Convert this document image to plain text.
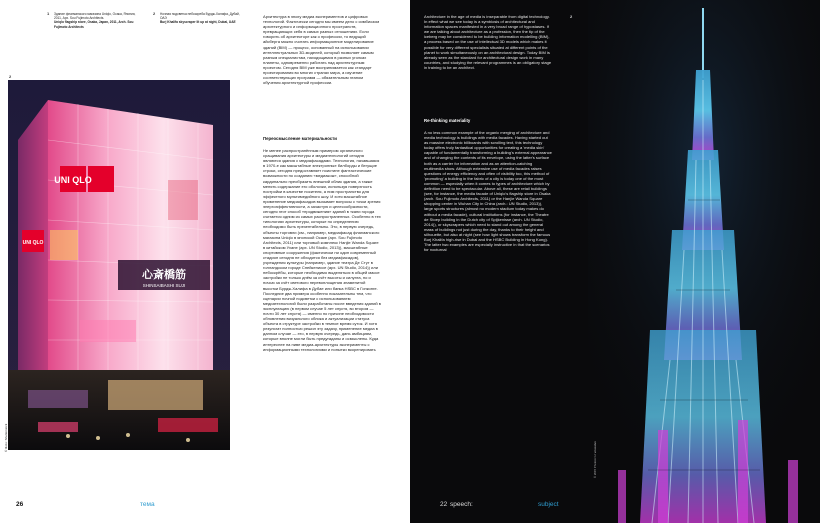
1 Здание флагманского магазина Uniqlo, Осака, Япония, 2011, Арх. Sou Fujimoto Architects.
Uniqlo flagship store, Osaka, Japan, 2011, Arch. Sou Fujimoto Architects
2 Ночная подсветка небоскреба Бурдж-Халифа, Дубай, ОАЭ
Burj Khalifa skyscraper lit up at night, Dubai, UAE
2
UNI QLO
心斎橋筋
SHINSAIBASHI SUJI
UNI QLO
© Фото: Shutterstock
Архитектура в эпоху медиа экспериментов и цифровых технологий. Фактически сегодня мы имеем дело с симбиозом архитектурного и информационного пространств, превращающих себя в самых разных отношениях. Если говорить об архитекторе как о профессии, то ведущий айсберга можно считать информационное моделирование зданий (BIM) — процесс, основанный на использовании интеллектуальных 3D-моделей, который позволяет самым разным специалистам, находящимся в разных уголках планеты, одновременно работать над архитектурным проектом. Сегодня BIM уже воспринимается как стандарт проектирования во многих странах мира, а изучение соответствующих программ — обязательным этапом обучения архитектурной профессии.
Переосмысление материальности
Не менее распространённым примером органичного сращивания архитектуры и медиатехнологий сегодня являются здания с медиафасадами. Технология, начавшаяся в 1970-е как масштабные электронные билборды и бегущие строки, сегодня предоставляет поистине фантастические возможности по созданию «медиакож», способной кардинально преобразить внешний облик здания, а также менять содержание его оболочки, используя поверхность постройки в качестве носителя, а ним пространство для эффектного мультимедийного шоу. И хотя масштабное применение медиафасадов вызывает вопросы с точки зрения энергоэффективности, а зачастую и целесообразности, сегодня этот способ «продвижения» зданий в ткани города считается одним из самых распространенных. Особенно в тех типологиях архитектуры, которые по определению необходимо быть презентабельны. Это, в первую очередь, объекты торговли (см., например, медиафасад флагманского магазина Uniqlo в японской Осаке (арх. Sou Fujimoto Architects, 2011) или торговый комплекс Hanjie Wanda Square в китайском Ухане (арх. UN Studio, 2013)), масштабные спортивные сооружения (фактически ни один современный стадион сегодня не обходится без медиафасадов), учреждения культуры (например, здание театра Де Стут в голландском городе Спейкениссе (арх. UN Studio, 2014)) или небоскрёбы, которые необходимо выделяться в общей массе застройки не только днём за счёт высоты и силуэта, но и ночью за счёт светового перевоплощения знаменитой высотки Бурдж-Халифа в Дубае или банка HSBC в Гонконге. Последние два примера особенно показательны тем, что сценарии ночной подсветки с использованием медиатехнологий были разработаны после введения зданий в эксплуатацию (в первом случае 5 лет спустя, во втором — почти 30 лет спустя) — именно по причине необходимости обновления визуального облика и актуализации статуса объекта в структуре застройки в темное время суток. И хотя результат полностью решил эту задачу, применение медиа в данном случае — это, в первую очередь, дань амбициям, которые вполне могли быть предугаданы и осмыслены. Куда интереснее на ниве медиа-архитектуры эксперименты с информационными технологиями и попытки вкоренировать
26	тема
Re-thinking materiality
Architecture in the age of media is inseparable from digital technology. In effect what we see today is a symbiosis of architectural and information spaces manifested in a very broad range of hypostases. If we are talking about architecture as a profession, then the tip of the iceberg may be considered to be building information modelling (BIM), a process based on the use of intellectual 3D models which makes it possible for very different specialists situated at different points of the planet to work simultaneously on an architectural design. Today BIM is already seen as the standard for architectural design work in many countries, and studying the relevant programmes is an obligatory stage in training to be an architect.
A no less common example of the organic merging of architecture and media technology is buildings with media facades. Having started out as massive electronic billboards with scrolling text, this technology today offers truly fantastical opportunities for creating a 'media skin' capable of fundamentally transforming a building's external appearance and of changing the contents of its envelope, using the latter's surface both as a carrier for information and as an attention-catching multimedia show. Although extensive use of media facades raises questions of energy efficiency and often of visibility too, this method of 'promoting' a building in the fabric of a city is today one of the most common — especially when it comes to types of architecture which by definition need to be spectacular. Above all, these are retail buildings (see, for instance, the media facade of Uniqlo's flagship store in Osaka (arch. Sou Fujimoto Architects, 2011) or the Hanjie Wanda Square shopping center in Wuhan City in China (arch.: UN Studio, 2013)), large sports structures (almost no modern stadium today makes do without a media facade), cultural institutions (for instance, the Theatre de Stoep building in the Dutch city of Spijkenisse (arch. UN Studio, 2014)), or skyscrapers which need to stand out among the general mass of buildings not just during the day, thanks to their height and silhouette, but also at night (see how light shows transform the famous Burj Khalifa high-rise in Dubai and the HSBC Building in Hong Kong). The latter two examples are especially instructive in that the scenarios for nocturnal
2
© 2015 Photocom / vicasalive
22 speech:	subject
